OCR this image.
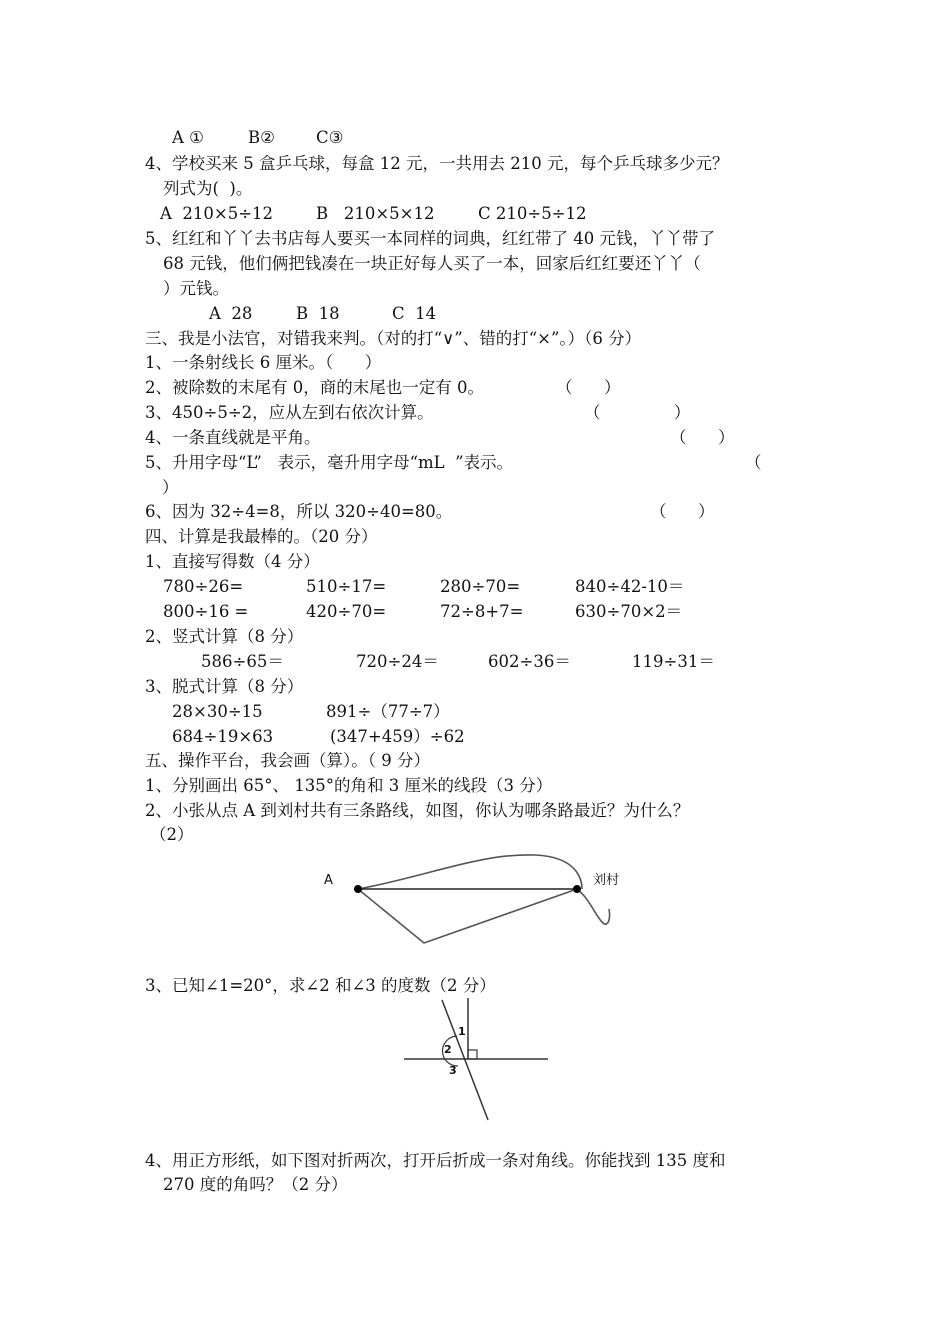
A ①	B② C③
4、学校买来 5 盒乒乓球，每盒 12 元，一共用去 210 元，每个乒乓球多少元？
列式为(  )。
A  210×5÷12	B   210×5×12	C 210÷5÷12
5、红红和丫丫去书店每人要买一本同样的词典，红红带了 40 元钱，丫丫带了
68 元钱，他们俩把钱凑在一块正好每人买了一本，回家后红红要还丫丫（
）元钱。
A  28	B  18	C  14
三、我是小法官，对错我来判。（对的打“∨”、错的打“×”。）（6 分）
1、一条射线长 6 厘米。（      ）
2、被除数的末尾有 0，商的末尾也一定有 0。	（      ）
3、450÷5÷2，应从左到右依次计算。	（              ）
4、一条直线就是平角。	（      ）
5、升用字母“L”   表示，毫升用字母“mL  ”表示。	（
）
6、因为 32÷4=8，所以 320÷40=80。	（      ）
四、计算是我最棒的。（20 分）
1、直接写得数（4 分）
780÷26=	510÷17=	280÷70=	840÷42-10＝
800÷16 =	420÷70=	72÷8+7=	630÷70×2＝
2、竖式计算（8 分）
586÷65＝	720÷24＝	602÷36＝	119÷31＝
3、脱式计算（8 分）
28×30÷15	891÷（77÷7）
684÷19×63	(347+459）÷62
五、操作平台，我会画（算）。（ 9 分）
1、分别画出 65°、 135°的角和 3 厘米的线段（3 分）
2、小张从点 A 到刘村共有三条路线，如图，你认为哪条路最近？为什么？
（2）
A	刘村
3、已知∠1=20°，求∠2 和∠3 的度数（2 分）
1
2
3
4、用正方形纸，如下图对折两次，打开后折成一条对角线。你能找到 135 度和
270 度的角吗？（2 分）
